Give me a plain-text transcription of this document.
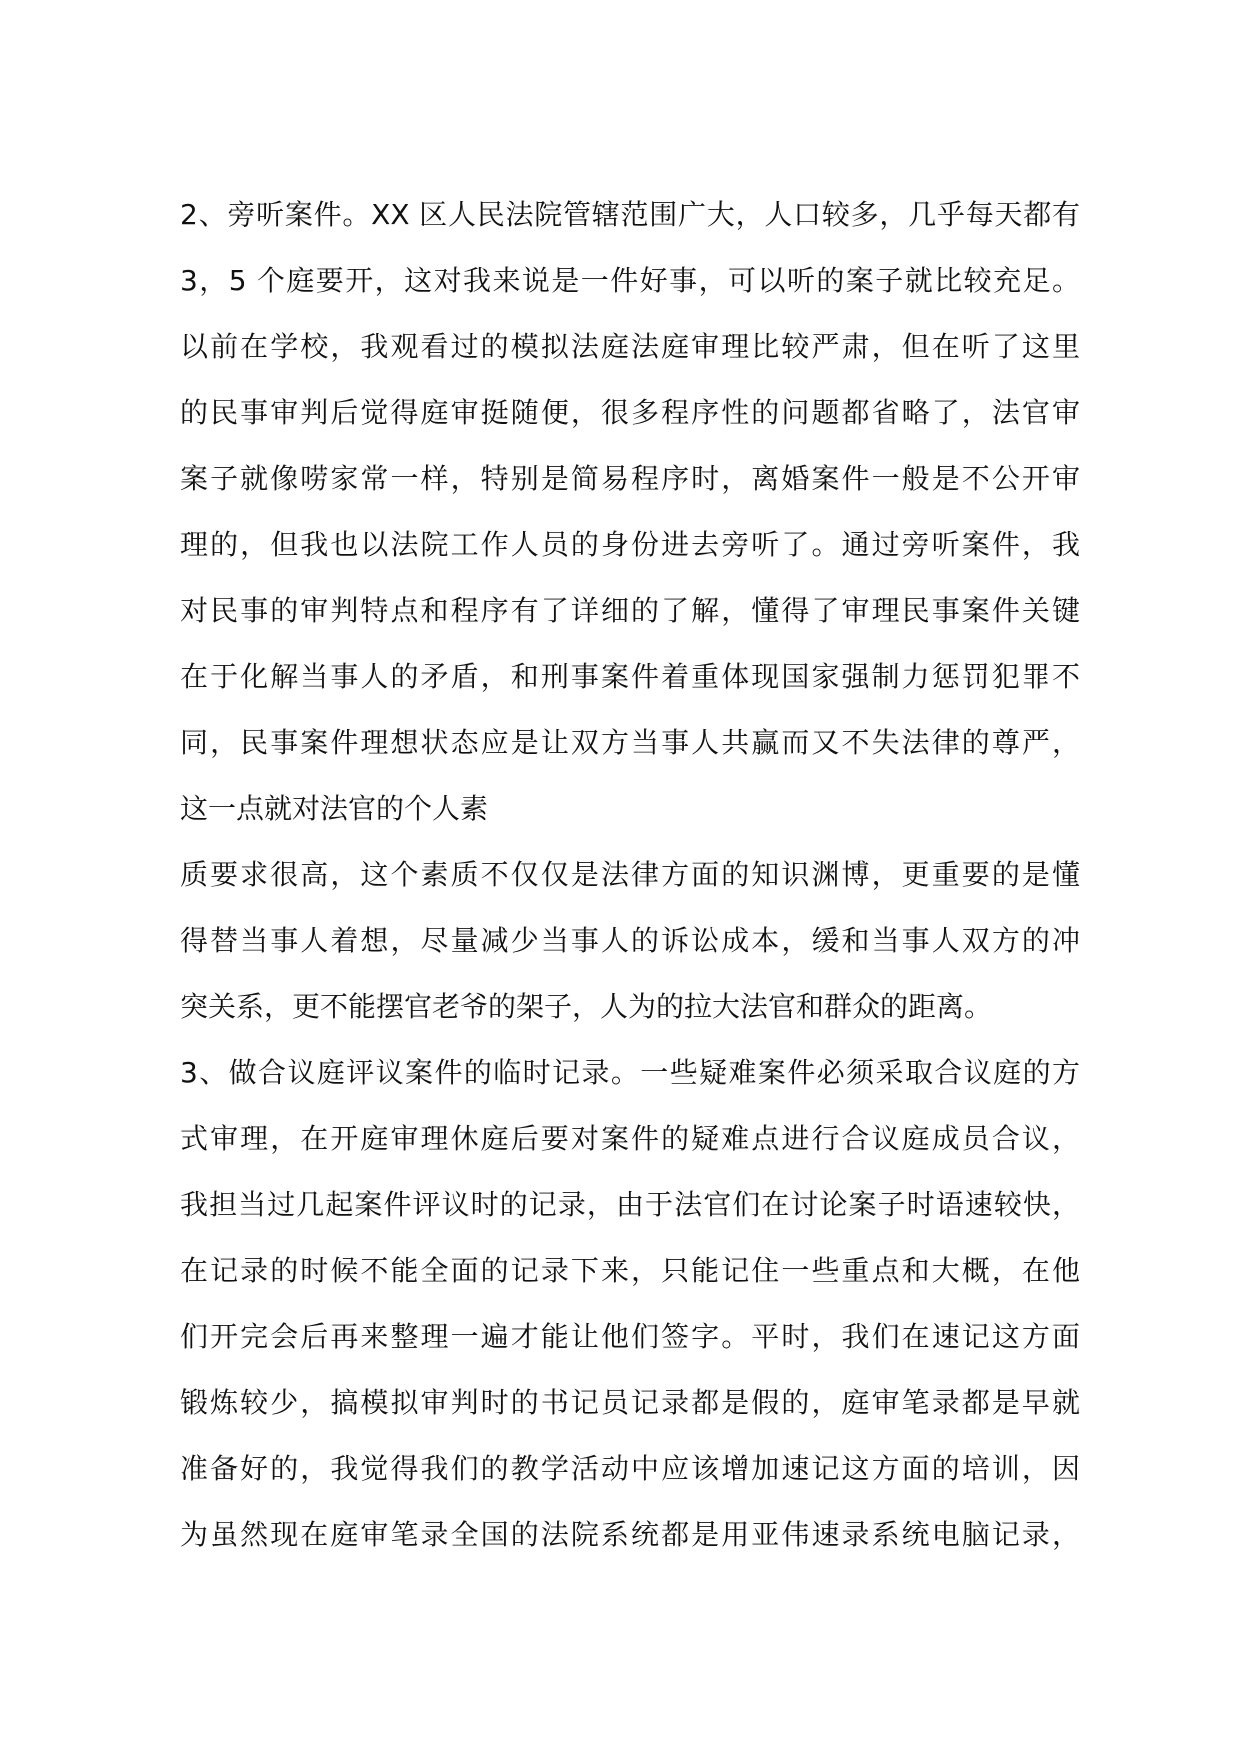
2、旁听案件。XX 区人民法院管辖范围广大，人口较多，几乎每天都有
3，5 个庭要开，这对我来说是一件好事，可以听的案子就比较充足。
以前在学校，我观看过的模拟法庭法庭审理比较严肃，但在听了这里
的民事审判后觉得庭审挺随便，很多程序性的问题都省略了，法官审
案子就像唠家常一样，特别是简易程序时，离婚案件一般是不公开审
理的，但我也以法院工作人员的身份进去旁听了。通过旁听案件，我
对民事的审判特点和程序有了详细的了解，懂得了审理民事案件关键
在于化解当事人的矛盾，和刑事案件着重体现国家强制力惩罚犯罪不
同，民事案件理想状态应是让双方当事人共赢而又不失法律的尊严，
这一点就对法官的个人素
质要求很高，这个素质不仅仅是法律方面的知识渊博，更重要的是懂
得替当事人着想，尽量减少当事人的诉讼成本，缓和当事人双方的冲
突关系，更不能摆官老爷的架子，人为的拉大法官和群众的距离。
3、做合议庭评议案件的临时记录。一些疑难案件必须采取合议庭的方
式审理，在开庭审理休庭后要对案件的疑难点进行合议庭成员合议，
我担当过几起案件评议时的记录，由于法官们在讨论案子时语速较快，
在记录的时候不能全面的记录下来，只能记住一些重点和大概，在他
们开完会后再来整理一遍才能让他们签字。平时，我们在速记这方面
锻炼较少，搞模拟审判时的书记员记录都是假的，庭审笔录都是早就
准备好的，我觉得我们的教学活动中应该增加速记这方面的培训，因
为虽然现在庭审笔录全国的法院系统都是用亚伟速录系统电脑记录，
